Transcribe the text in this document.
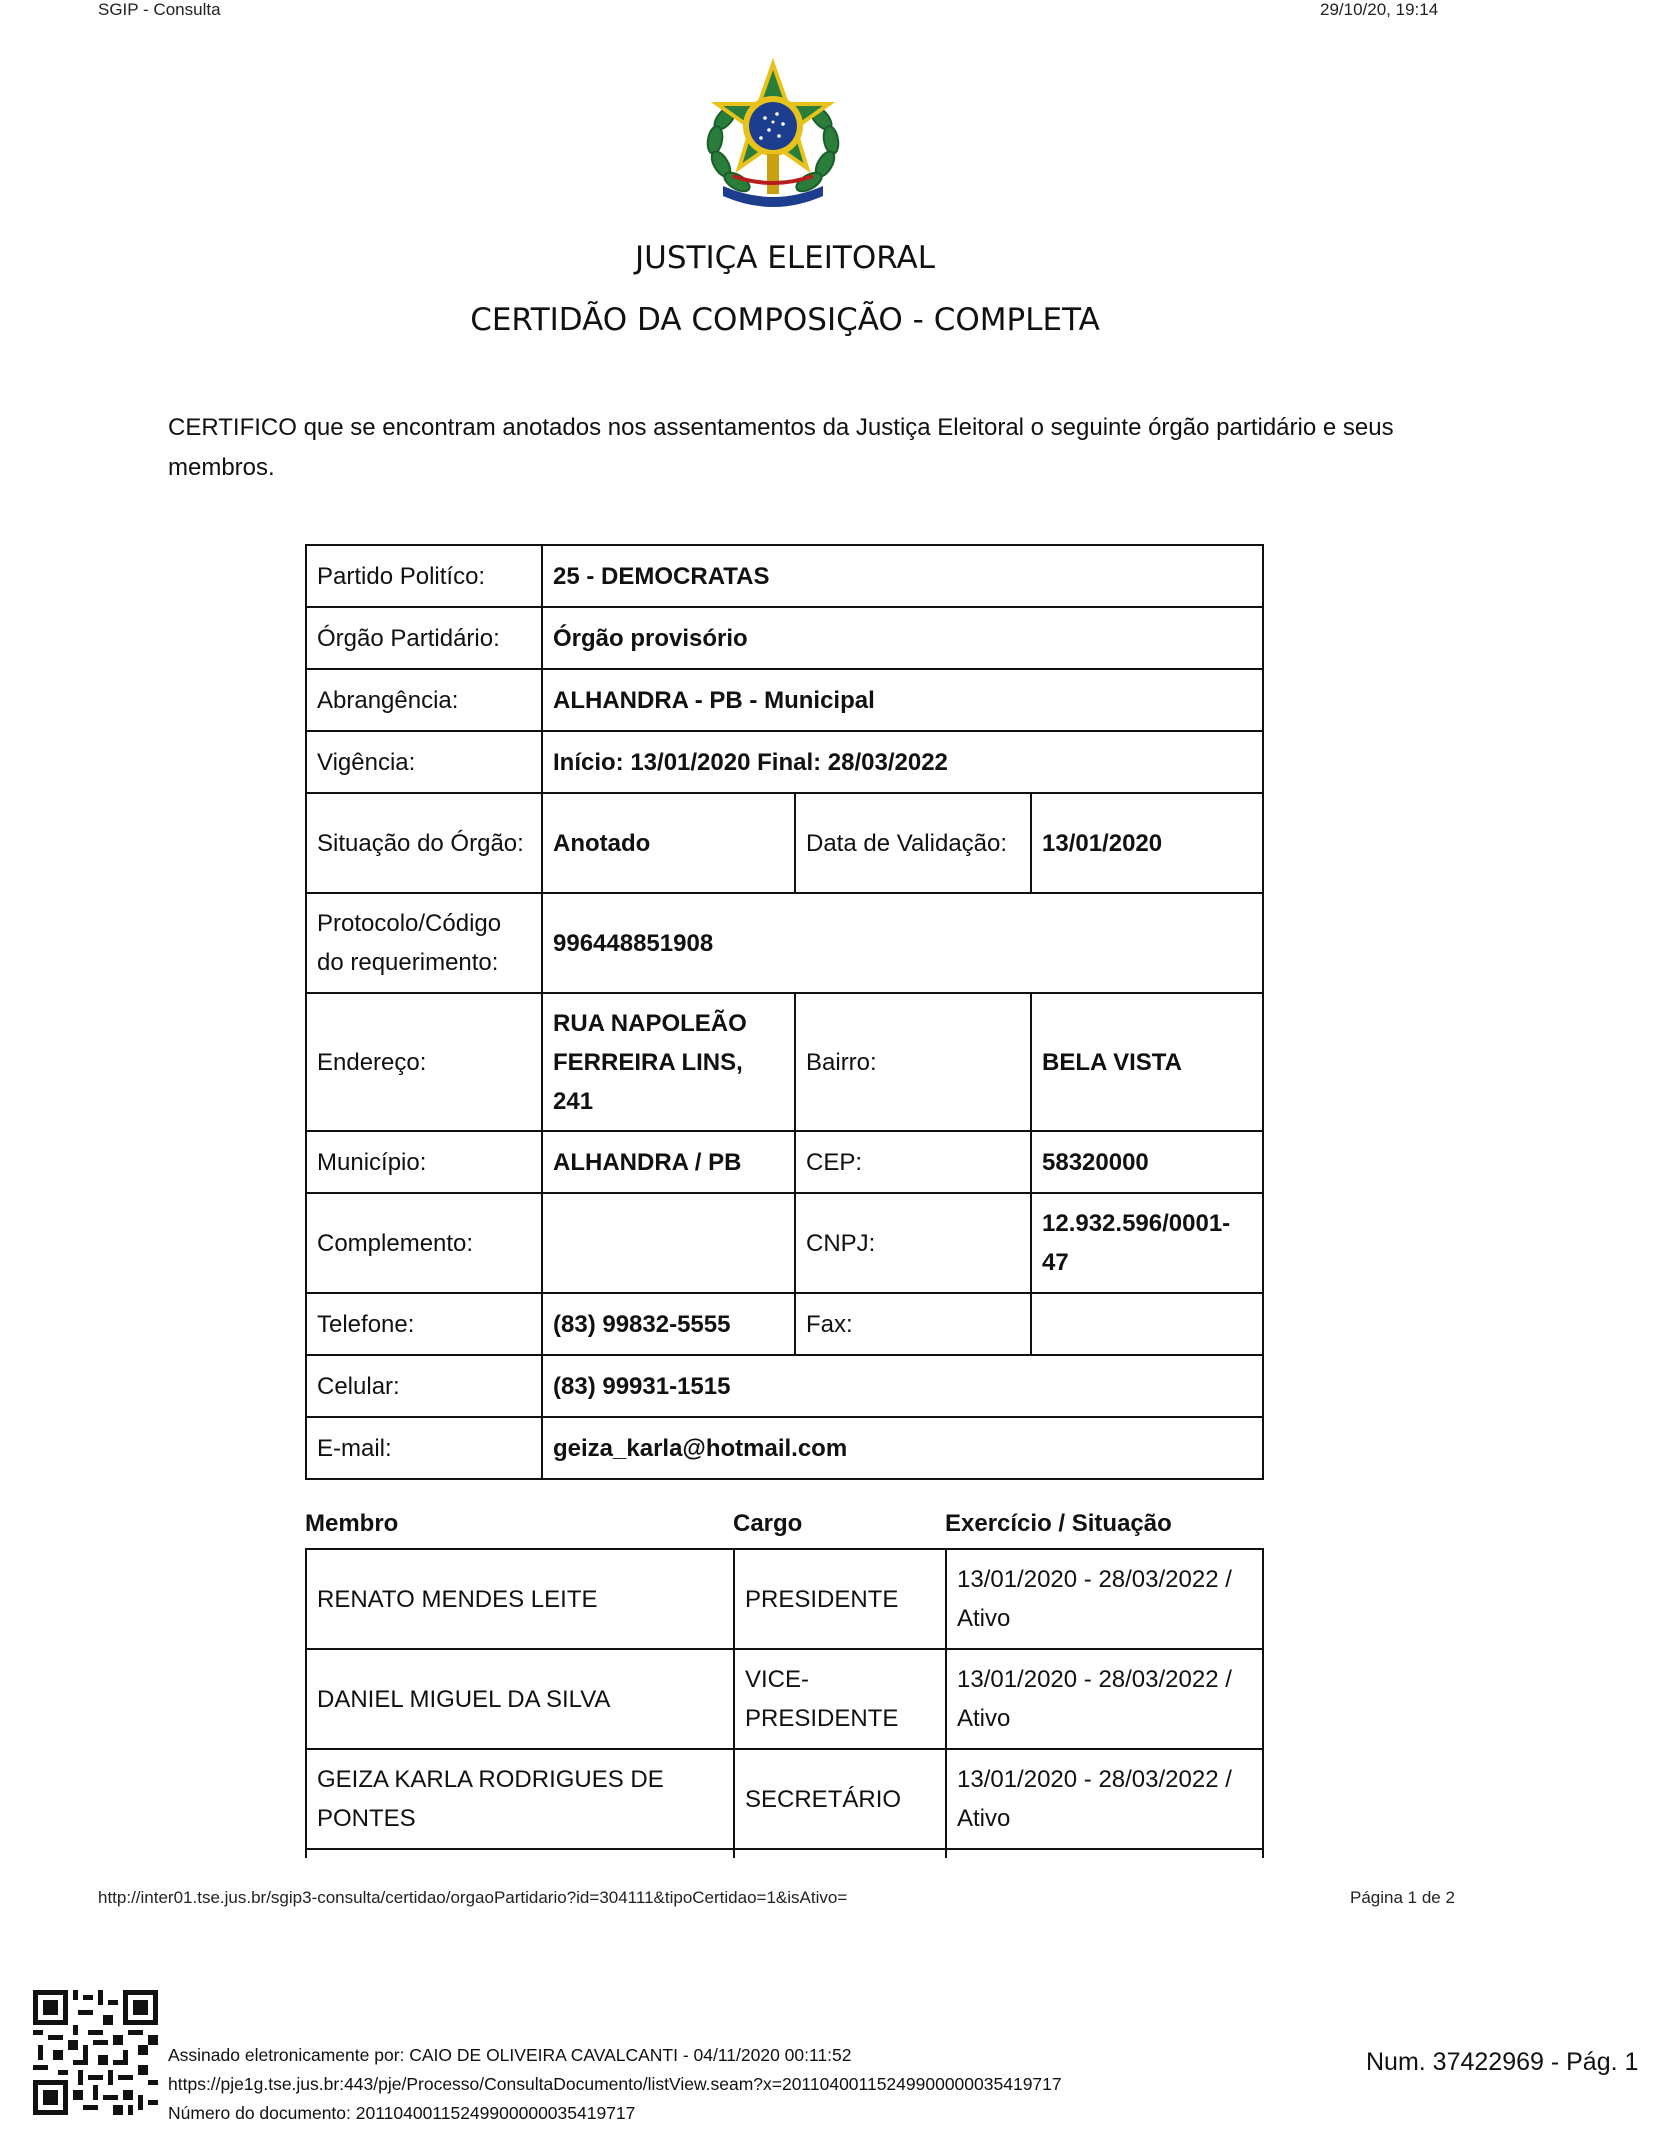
SGIP - Consulta	29/10/20, 19:14
JUSTIÇA ELEITORAL
CERTIDÃO DA COMPOSIÇÃO - COMPLETA
CERTIFICO que se encontram anotados nos assentamentos da Justiça Eleitoral o seguinte órgão partidário e seus membros.
Partido Politíco:	25 - DEMOCRATAS		
Órgão Partidário:	Órgão provisório		
Abrangência:	ALHANDRA - PB - Municipal		
Vigência:	Início: 13/01/2020 Final: 28/03/2022		
Situação do Órgão:	Anotado	Data de Validação:	13/01/2020
Protocolo/Código do requerimento:	996448851908		
Endereço:	RUA NAPOLEÃO FERREIRA LINS, 241	Bairro:	BELA VISTA
Município:	ALHANDRA / PB	CEP:	58320000
Complemento:		CNPJ:	12.932.596/0001-47
Telefone:	(83) 99832-5555	Fax:	
Celular:	(83) 99931-1515		
E-mail:	geiza_karla@hotmail.com		
Membro	Cargo	Exercício / Situação
RENATO MENDES LEITE	PRESIDENTE	13/01/2020 - 28/03/2022 / Ativo
DANIEL MIGUEL DA SILVA	VICE-PRESIDENTE	13/01/2020 - 28/03/2022 / Ativo
GEIZA KARLA RODRIGUES DE PONTES	SECRETÁRIO	13/01/2020 - 28/03/2022 / Ativo

http://inter01.tse.jus.br/sgip3-consulta/certidao/orgaoPartidario?id=304111&tipoCertidao=1&isAtivo=	Página 1 de 2
Assinado eletronicamente por: CAIO DE OLIVEIRA CAVALCANTI - 04/11/2020 00:11:52
https://pje1g.tse.jus.br:443/pje/Processo/ConsultaDocumento/listView.seam?x=20110400115249900000035419717
Número do documento: 20110400115249900000035419717
Num. 37422969 - Pág. 1
